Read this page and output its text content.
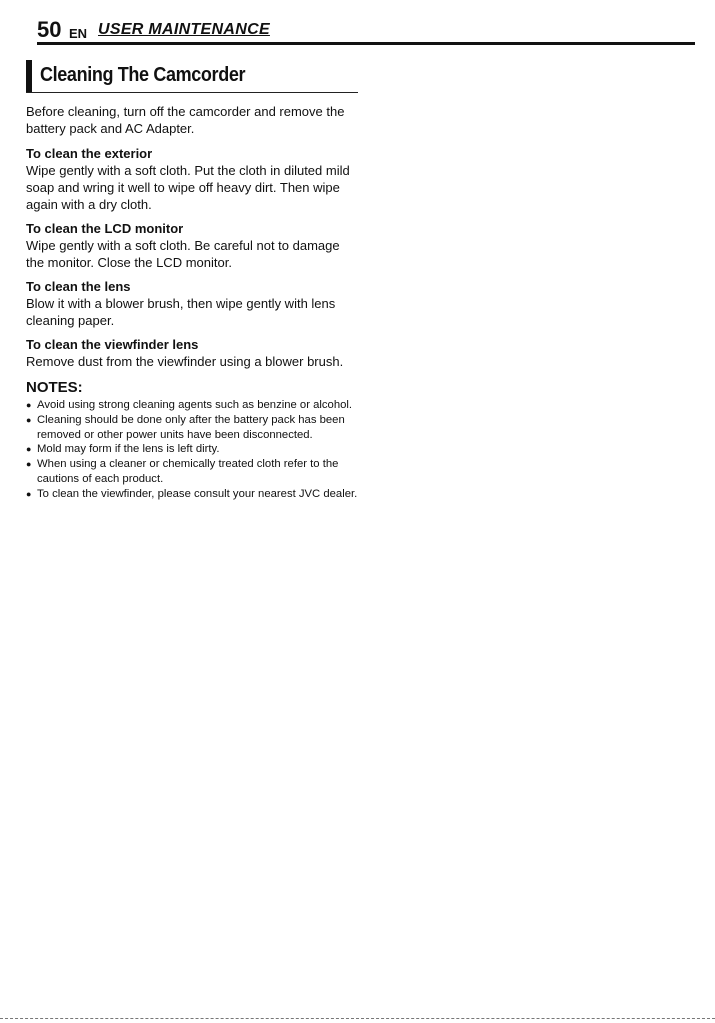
50 EN USER MAINTENANCE
Cleaning The Camcorder

Before cleaning, turn off the camcorder and remove the battery pack and AC Adapter.

To clean the exterior

Wipe gently with a soft cloth. Put the cloth in diluted mild soap and wring it well to wipe off heavy dirt. Then wipe again with a dry cloth.

To clean the LCD monitor

Wipe gently with a soft cloth. Be careful not to damage the monitor. Close the LCD monitor.

To clean the lens

Blow it with a blower brush, then wipe gently with lens cleaning paper.

To clean the viewfinder lens

Remove dust from the viewfinder using a blower brush.

NOTES:
● Avoid using strong cleaning agents such as benzine or alcohol.
● Cleaning should be done only after the battery pack has been removed or other power units have been disconnected.
● Mold may form if the lens is left dirty.
● When using a cleaner or chemically treated cloth refer to the cautions of each product.
● To clean the viewfinder, please consult your nearest JVC dealer.
